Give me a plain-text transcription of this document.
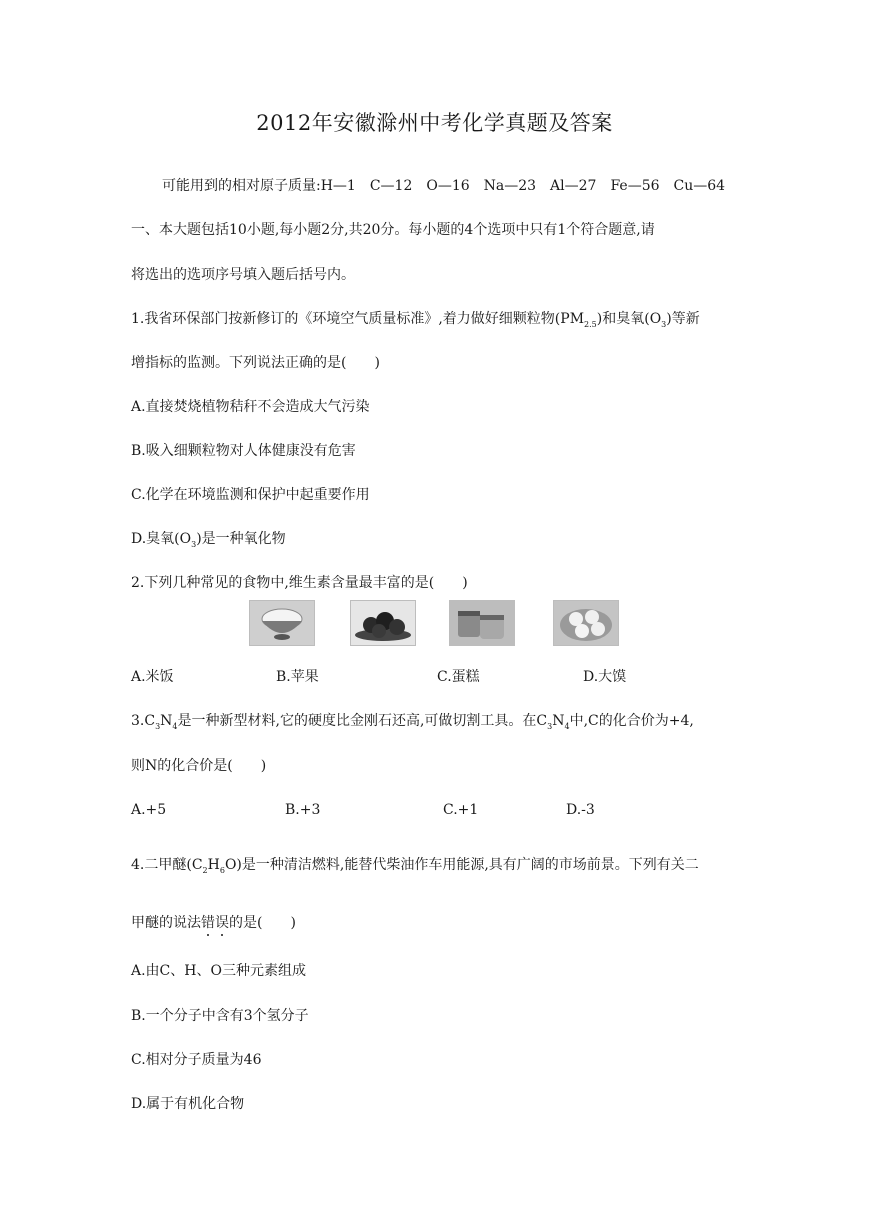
2012年安徽滁州中考化学真题及答案
可能用到的相对原子质量:H—1　C—12　O—16　Na—23　Al—27　Fe—56　Cu—64
一、本大题包括10小题,每小题2分,共20分。每小题的4个选项中只有1个符合题意,请
将选出的选项序号填入题后括号内。
1.我省环保部门按新修订的《环境空气质量标准》,着力做好细颗粒物$(PM_{2.5})$和臭氧$(O_3)$等新
增指标的监测。下列说法正确的是(　　)
A.直接焚烧植物秸秆不会造成大气污染
B.吸入细颗粒物对人体健康没有危害
C.化学在环境监测和保护中起重要作用
D.臭氧$(O_3)$是一种氧化物
2.下列几种常见的食物中,维生素含量最丰富的是(　　)
A.米饭	B.苹果	C.蛋糕	D.大馍
$3.C_3N_4$是一种新型材料,它的硬度比金刚石还高,可做切割工具。在$C_3N_4$中,C的化合价为+4,
则N的化合价是(　　)
A.+5	B.+3	C.+1	D.-3
4.二甲醚$(C_2H_6O)$是一种清洁燃料,能替代柴油作车用能源,具有广阔的市场前景。下列有关二
甲醚的说法错误的是(　　)
A.由C、H、O三种元素组成
B.一个分子中含有3个氢分子
C.相对分子质量为46
D.属于有机化合物
